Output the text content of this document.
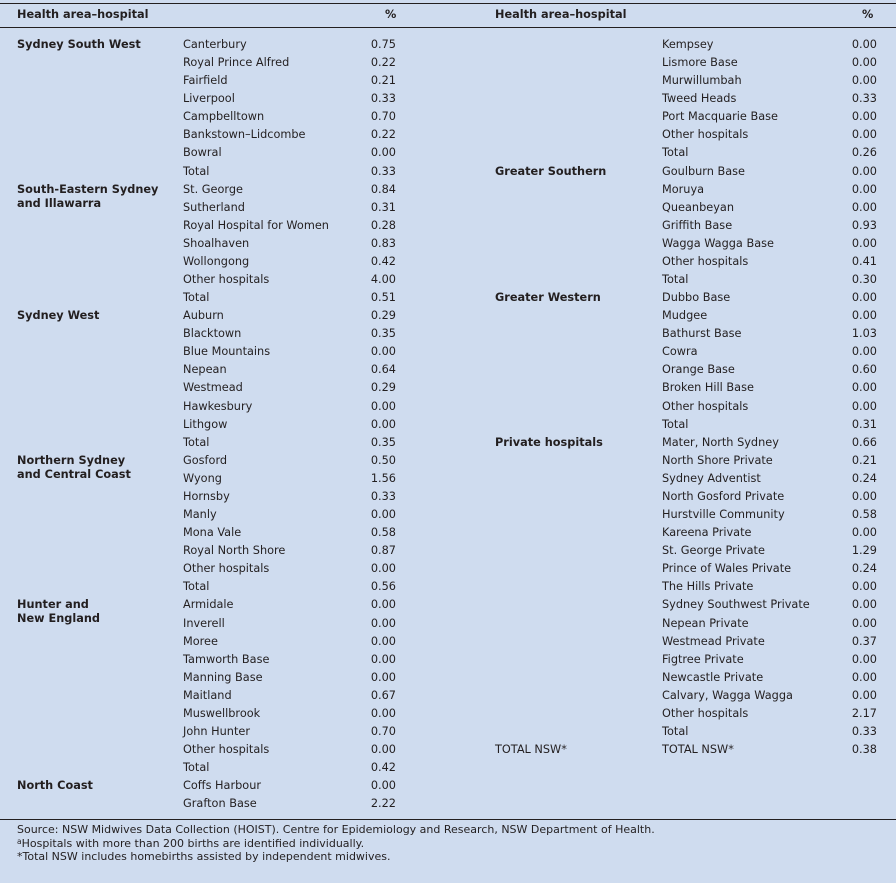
Health area–hospital	%	Health area–hospital	%
Sydney South West	Canterbury	0.75
Royal Prince Alfred	0.22
Fairfield	0.21
Liverpool	0.33
Campbelltown	0.70
Bankstown–Lidcombe	0.22
Bowral	0.00
Total	0.33
South-Eastern Sydney
and Illawarra
St. George	0.84
Sutherland	0.31
Royal Hospital for Women	0.28
Shoalhaven	0.83
Wollongong	0.42
Other hospitals	4.00
Total	0.51
Sydney West	Auburn	0.29
Blacktown	0.35
Blue Mountains	0.00
Nepean	0.64
Westmead	0.29
Hawkesbury	0.00
Lithgow	0.00
Total	0.35
Northern Sydney
and Central Coast
Gosford	0.50
Wyong	1.56
Hornsby	0.33
Manly	0.00
Mona Vale	0.58
Royal North Shore	0.87
Other hospitals	0.00
Total	0.56
Hunter and
New England
Armidale	0.00
Inverell	0.00
Moree	0.00
Tamworth Base	0.00
Manning Base	0.00
Maitland	0.67
Muswellbrook	0.00
John Hunter	0.70
Other hospitals	0.00
Total	0.42
North Coast	Coffs Harbour	0.00
Grafton Base	2.22
Kempsey	0.00
Lismore Base	0.00
Murwillumbah	0.00
Tweed Heads	0.33
Port Macquarie Base	0.00
Other hospitals	0.00
Total	0.26
Greater Southern	Goulburn Base	0.00
Moruya	0.00
Queanbeyan	0.00
Griffith Base	0.93
Wagga Wagga Base	0.00
Other hospitals	0.41
Total	0.30
Greater Western	Dubbo Base	0.00
Mudgee	0.00
Bathurst Base	1.03
Cowra	0.00
Orange Base	0.60
Broken Hill Base	0.00
Other hospitals	0.00
Total	0.31
Private hospitals	Mater, North Sydney	0.66
North Shore Private	0.21
Sydney Adventist	0.24
North Gosford Private	0.00
Hurstville Community	0.58
Kareena Private	0.00
St. George Private	1.29
Prince of Wales Private	0.24
The Hills Private	0.00
Sydney Southwest Private	0.00
Nepean Private	0.00
Westmead Private	0.37
Figtree Private	0.00
Newcastle Private	0.00
Calvary, Wagga Wagga	0.00
Other hospitals	2.17
Total	0.33
TOTAL NSW*	TOTAL NSW*	0.38
Source: NSW Midwives Data Collection (HOIST). Centre for Epidemiology and Research, NSW Department of Health.
$^a$Hospitals with more than 200 births are identified individually.
*Total NSW includes homebirths assisted by independent midwives.
